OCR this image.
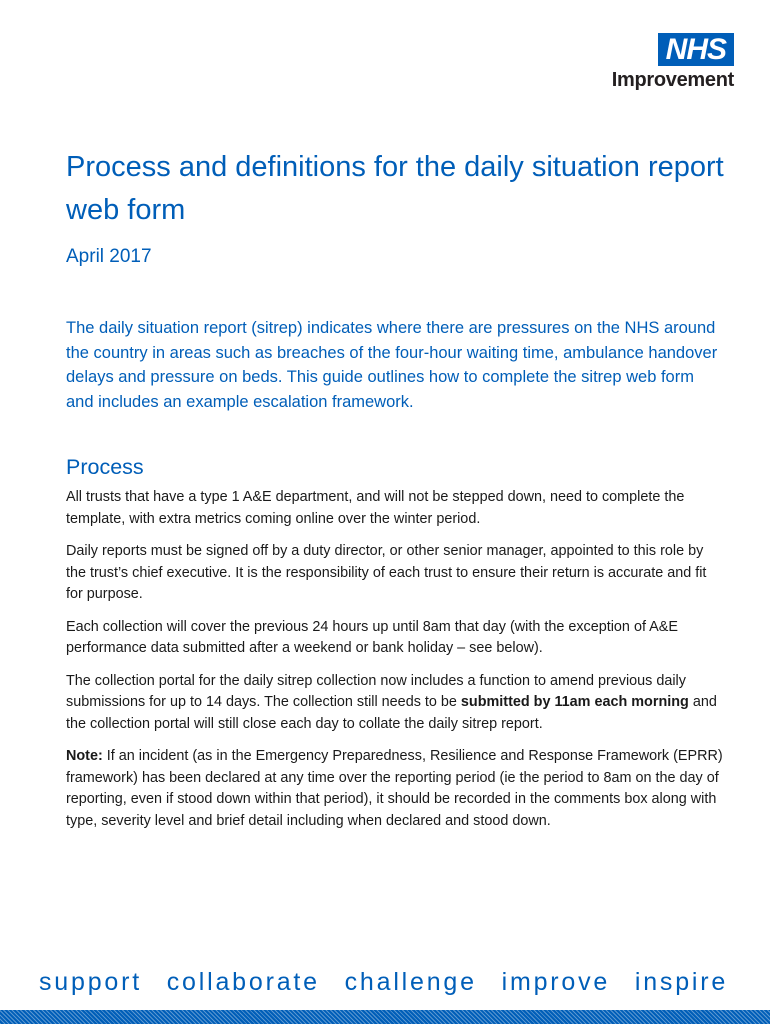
NHS
Improvement
Process and definitions for the daily situation report web form

April 2017

The daily situation report (sitrep) indicates where there are pressures on the NHS around the country in areas such as breaches of the four-hour waiting time, ambulance handover delays and pressure on beds. This guide outlines how to complete the sitrep web form and includes an example escalation framework.

Process

All trusts that have a type 1 A&E department, and will not be stepped down, need to complete the template, with extra metrics coming online over the winter period.

Daily reports must be signed off by a duty director, or other senior manager, appointed to this role by the trust’s chief executive. It is the responsibility of each trust to ensure their return is accurate and fit for purpose.

Each collection will cover the previous 24 hours up until 8am that day (with the exception of A&E performance data submitted after a weekend or bank holiday – see below).

The collection portal for the daily sitrep collection now includes a function to amend previous daily submissions for up to 14 days. The collection still needs to be submitted by 11am each morning and the collection portal will still close each day to collate the daily sitrep report.

Note: If an incident (as in the Emergency Preparedness, Resilience and Response Framework (EPRR) framework) has been declared at any time over the reporting period (ie the period to 8am on the day of reporting, even if stood down within that period), it should be recorded in the comments box along with type, severity level and brief detail including when declared and stood down.

support collaborate challenge improve inspire
